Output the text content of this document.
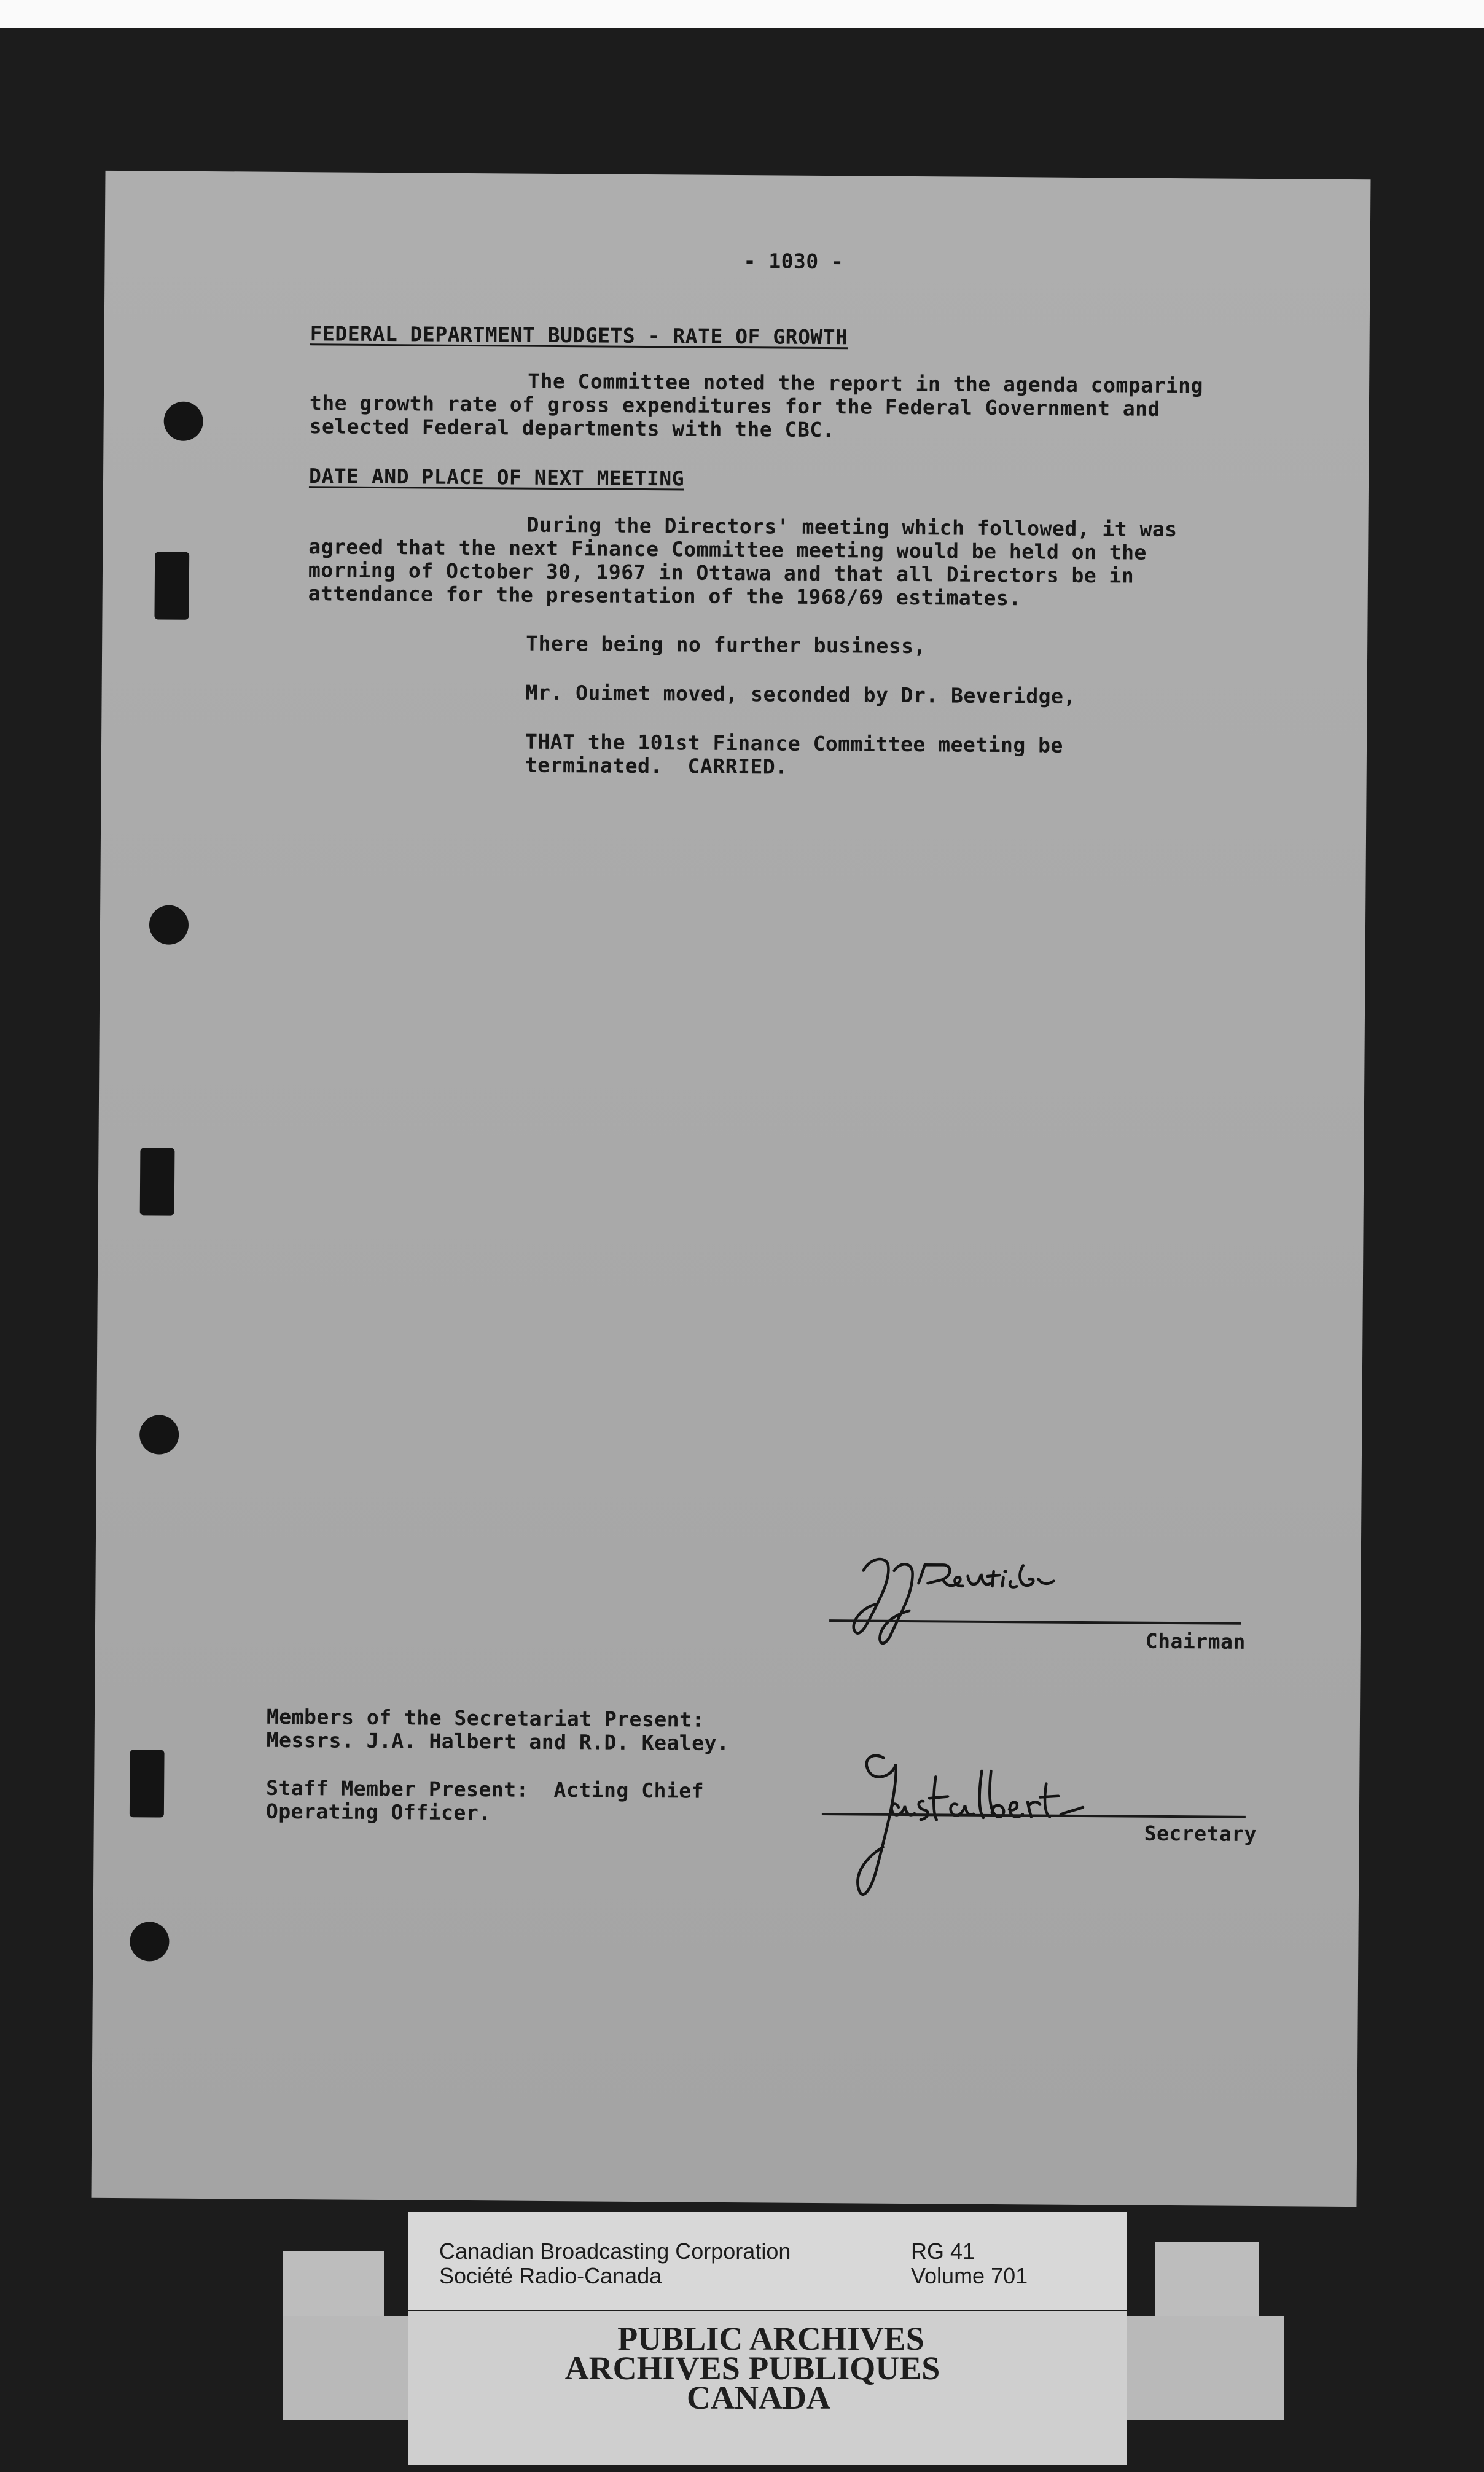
- 1030 -
FEDERAL DEPARTMENT BUDGETS - RATE OF GROWTH
The Committee noted the report in the agenda comparing
the growth rate of gross expenditures for the Federal Government and
selected Federal departments with the CBC.
DATE AND PLACE OF NEXT MEETING
During the Directors' meeting which followed, it was
agreed that the next Finance Committee meeting would be held on the
morning of October 30, 1967 in Ottawa and that all Directors be in
attendance for the presentation of the 1968/69 estimates.
There being no further business,
Mr. Ouimet moved, seconded by Dr. Beveridge,
THAT the 101st Finance Committee meeting be
terminated.  CARRIED.
Chairman
Members of the Secretariat Present:
Messrs. J.A. Halbert and R.D. Kealey.
Staff Member Present:  Acting Chief
Operating Officer.
Secretary
Canadian Broadcasting Corporation
Société Radio-Canada
RG 41
Volume 701
PUBLIC ARCHIVES
ARCHIVES PUBLIQUES
CANADA
